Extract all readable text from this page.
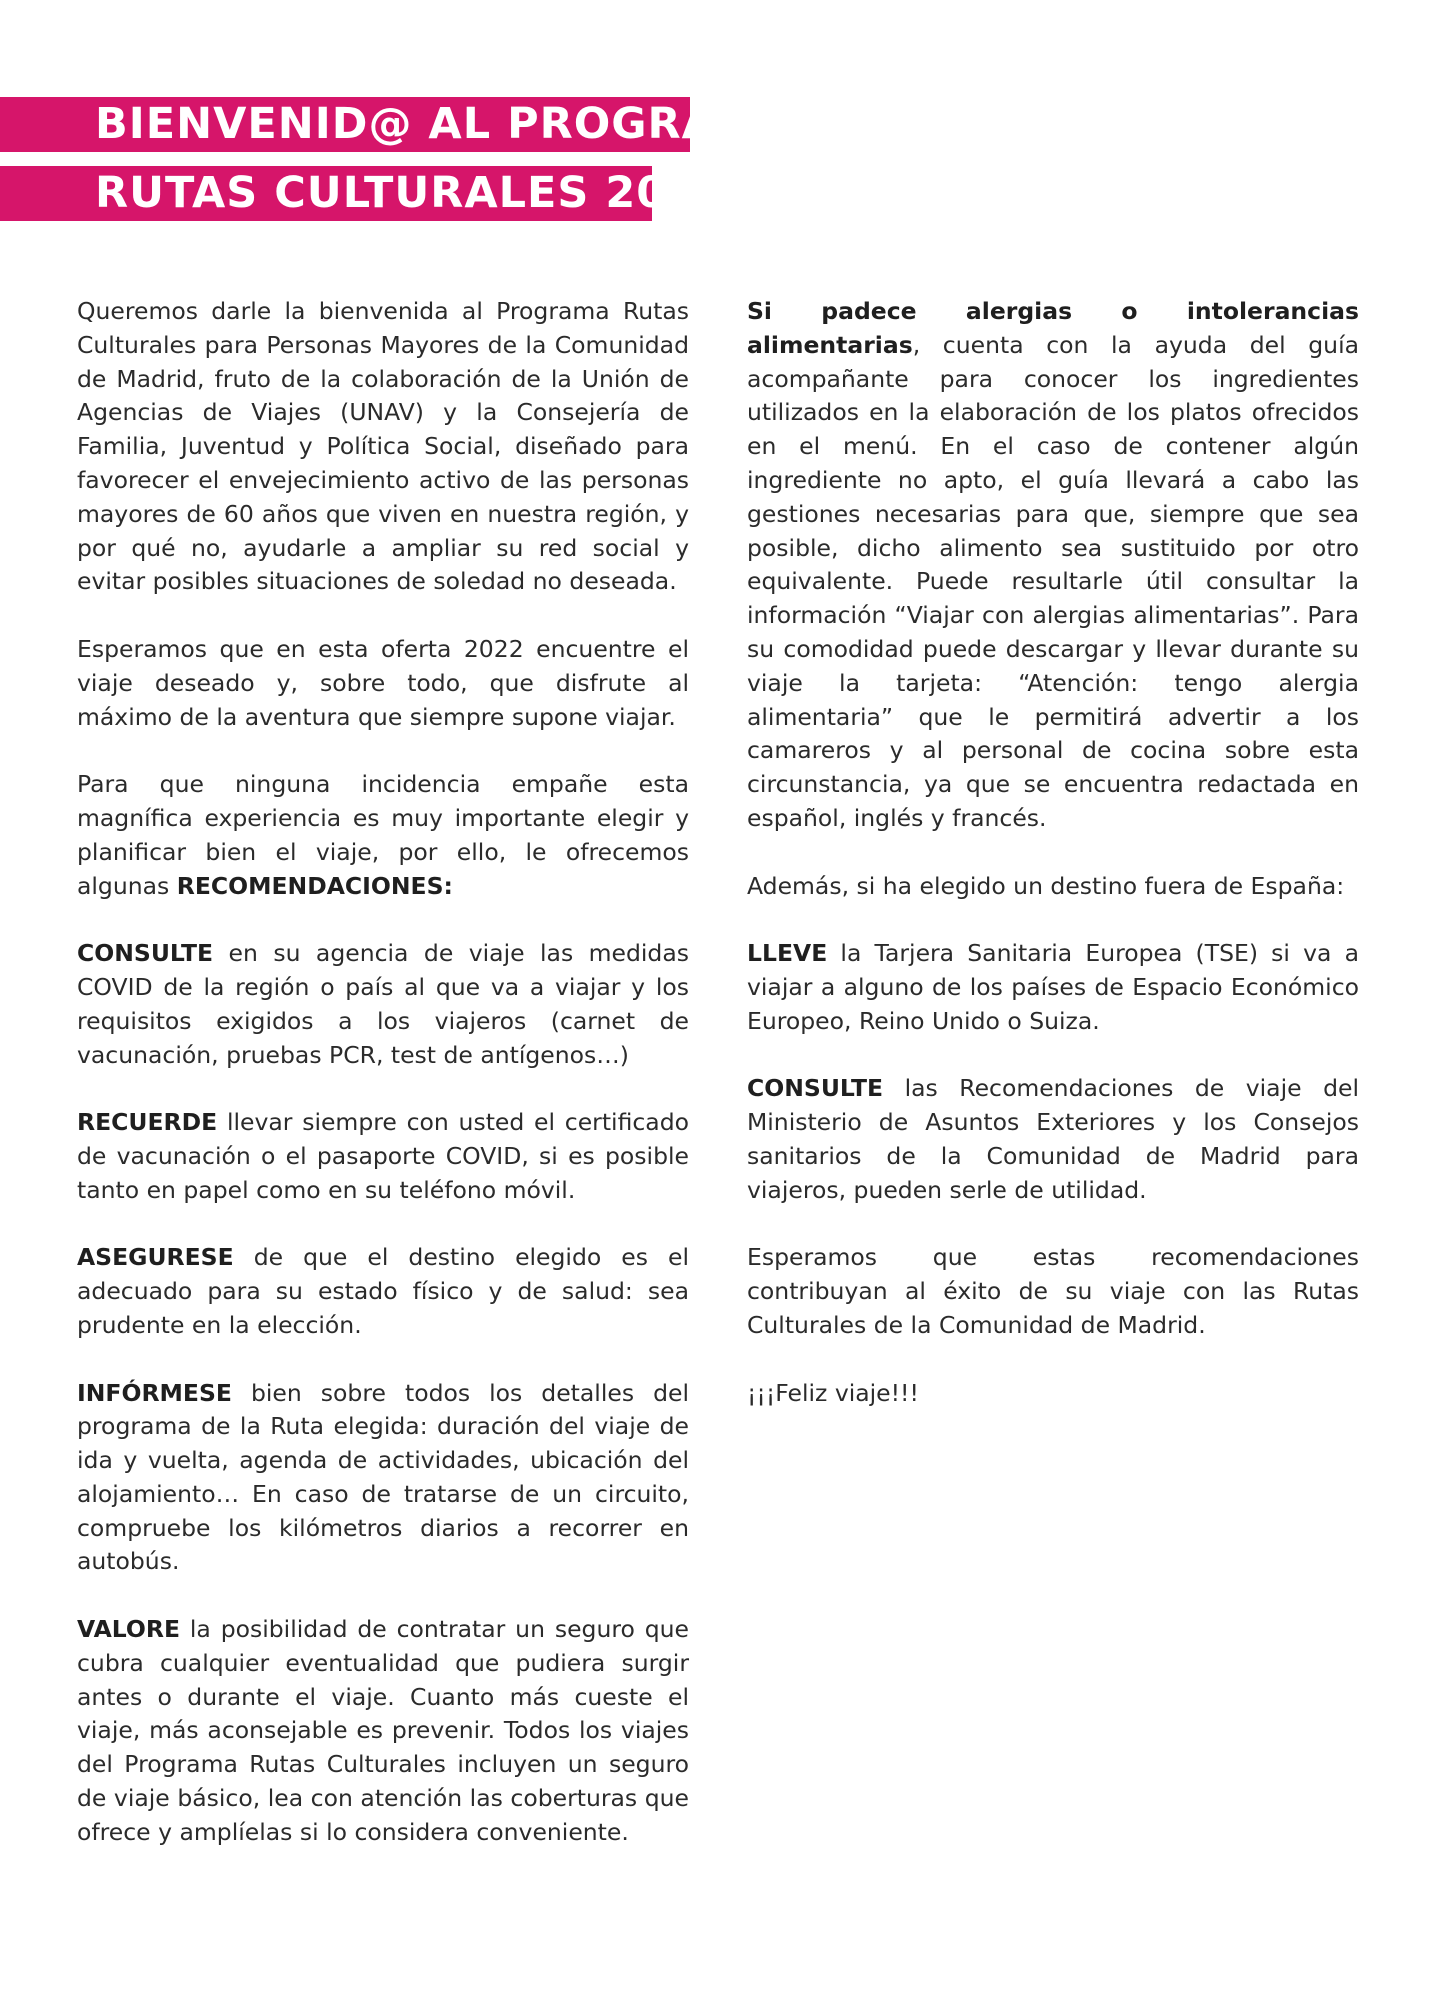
BIENVENID@ AL PROGRAMA
RUTAS CULTURALES 2022

Queremos darle la bienvenida al Programa Rutas Culturales para Personas Mayores de la Comunidad de Madrid, fruto de la colaboración de la Unión de Agencias de Viajes (UNAV) y la Consejería de Familia, Juventud y Política Social, diseñado para favorecer el envejecimiento activo de las personas mayores de 60 años que viven en nuestra región, y por qué no, ayudarle a ampliar su red social y evitar posibles situaciones de soledad no deseada.

Esperamos que en esta oferta 2022 encuentre el viaje deseado y, sobre todo, que disfrute al máximo de la aventura que siempre supone viajar.

Para que ninguna incidencia empañe esta magnífica experiencia es muy importante elegir y planificar bien el viaje, por ello, le ofrecemos algunas RECOMENDACIONES:

CONSULTE en su agencia de viaje las medidas COVID de la región o país al que va a viajar y los requisitos exigidos a los viajeros (carnet de vacunación, pruebas PCR, test de antígenos…)

RECUERDE llevar siempre con usted el certificado de vacunación o el pasaporte COVID, si es posible tanto en papel como en su teléfono móvil.

ASEGURESE de que el destino elegido es el adecuado para su estado físico y de salud: sea prudente en la elección.

INFÓRMESE bien sobre todos los detalles del programa de la Ruta elegida: duración del viaje de ida y vuelta, agenda de actividades, ubicación del alojamiento… En caso de tratarse de un circuito, compruebe los kilómetros diarios a recorrer en autobús.

VALORE la posibilidad de contratar un seguro que cubra cualquier eventualidad que pudiera surgir antes o durante el viaje. Cuanto más cueste el viaje, más aconsejable es prevenir. Todos los viajes del Programa Rutas Culturales incluyen un seguro de viaje básico, lea con atención las coberturas que ofrece y amplíelas si lo considera conveniente.

Si padece alergias o intolerancias alimentarias, cuenta con la ayuda del guía acompañante para conocer los ingredientes utilizados en la elaboración de los platos ofrecidos en el menú. En el caso de contener algún ingrediente no apto, el guía llevará a cabo las gestiones necesarias para que, siempre que sea posible, dicho alimento sea sustituido por otro equivalente. Puede resultarle útil consultar la información “Viajar con alergias alimentarias”. Para su comodidad puede descargar y llevar durante su viaje la tarjeta: “Atención: tengo alergia alimentaria” que le permitirá advertir a los camareros y al personal de cocina sobre esta circunstancia, ya que se encuentra redactada en español, inglés y francés.

Además, si ha elegido un destino fuera de España:

LLEVE la Tarjera Sanitaria Europea (TSE) si va a viajar a alguno de los países de Espacio Económico Europeo, Reino Unido o Suiza.

CONSULTE las Recomendaciones de viaje del Ministerio de Asuntos Exteriores y los Consejos sanitarios de la Comunidad de Madrid para viajeros, pueden serle de utilidad.

Esperamos que estas recomendaciones contribuyan al éxito de su viaje con las Rutas Culturales de la Comunidad de Madrid.

¡¡¡Feliz viaje!!!
